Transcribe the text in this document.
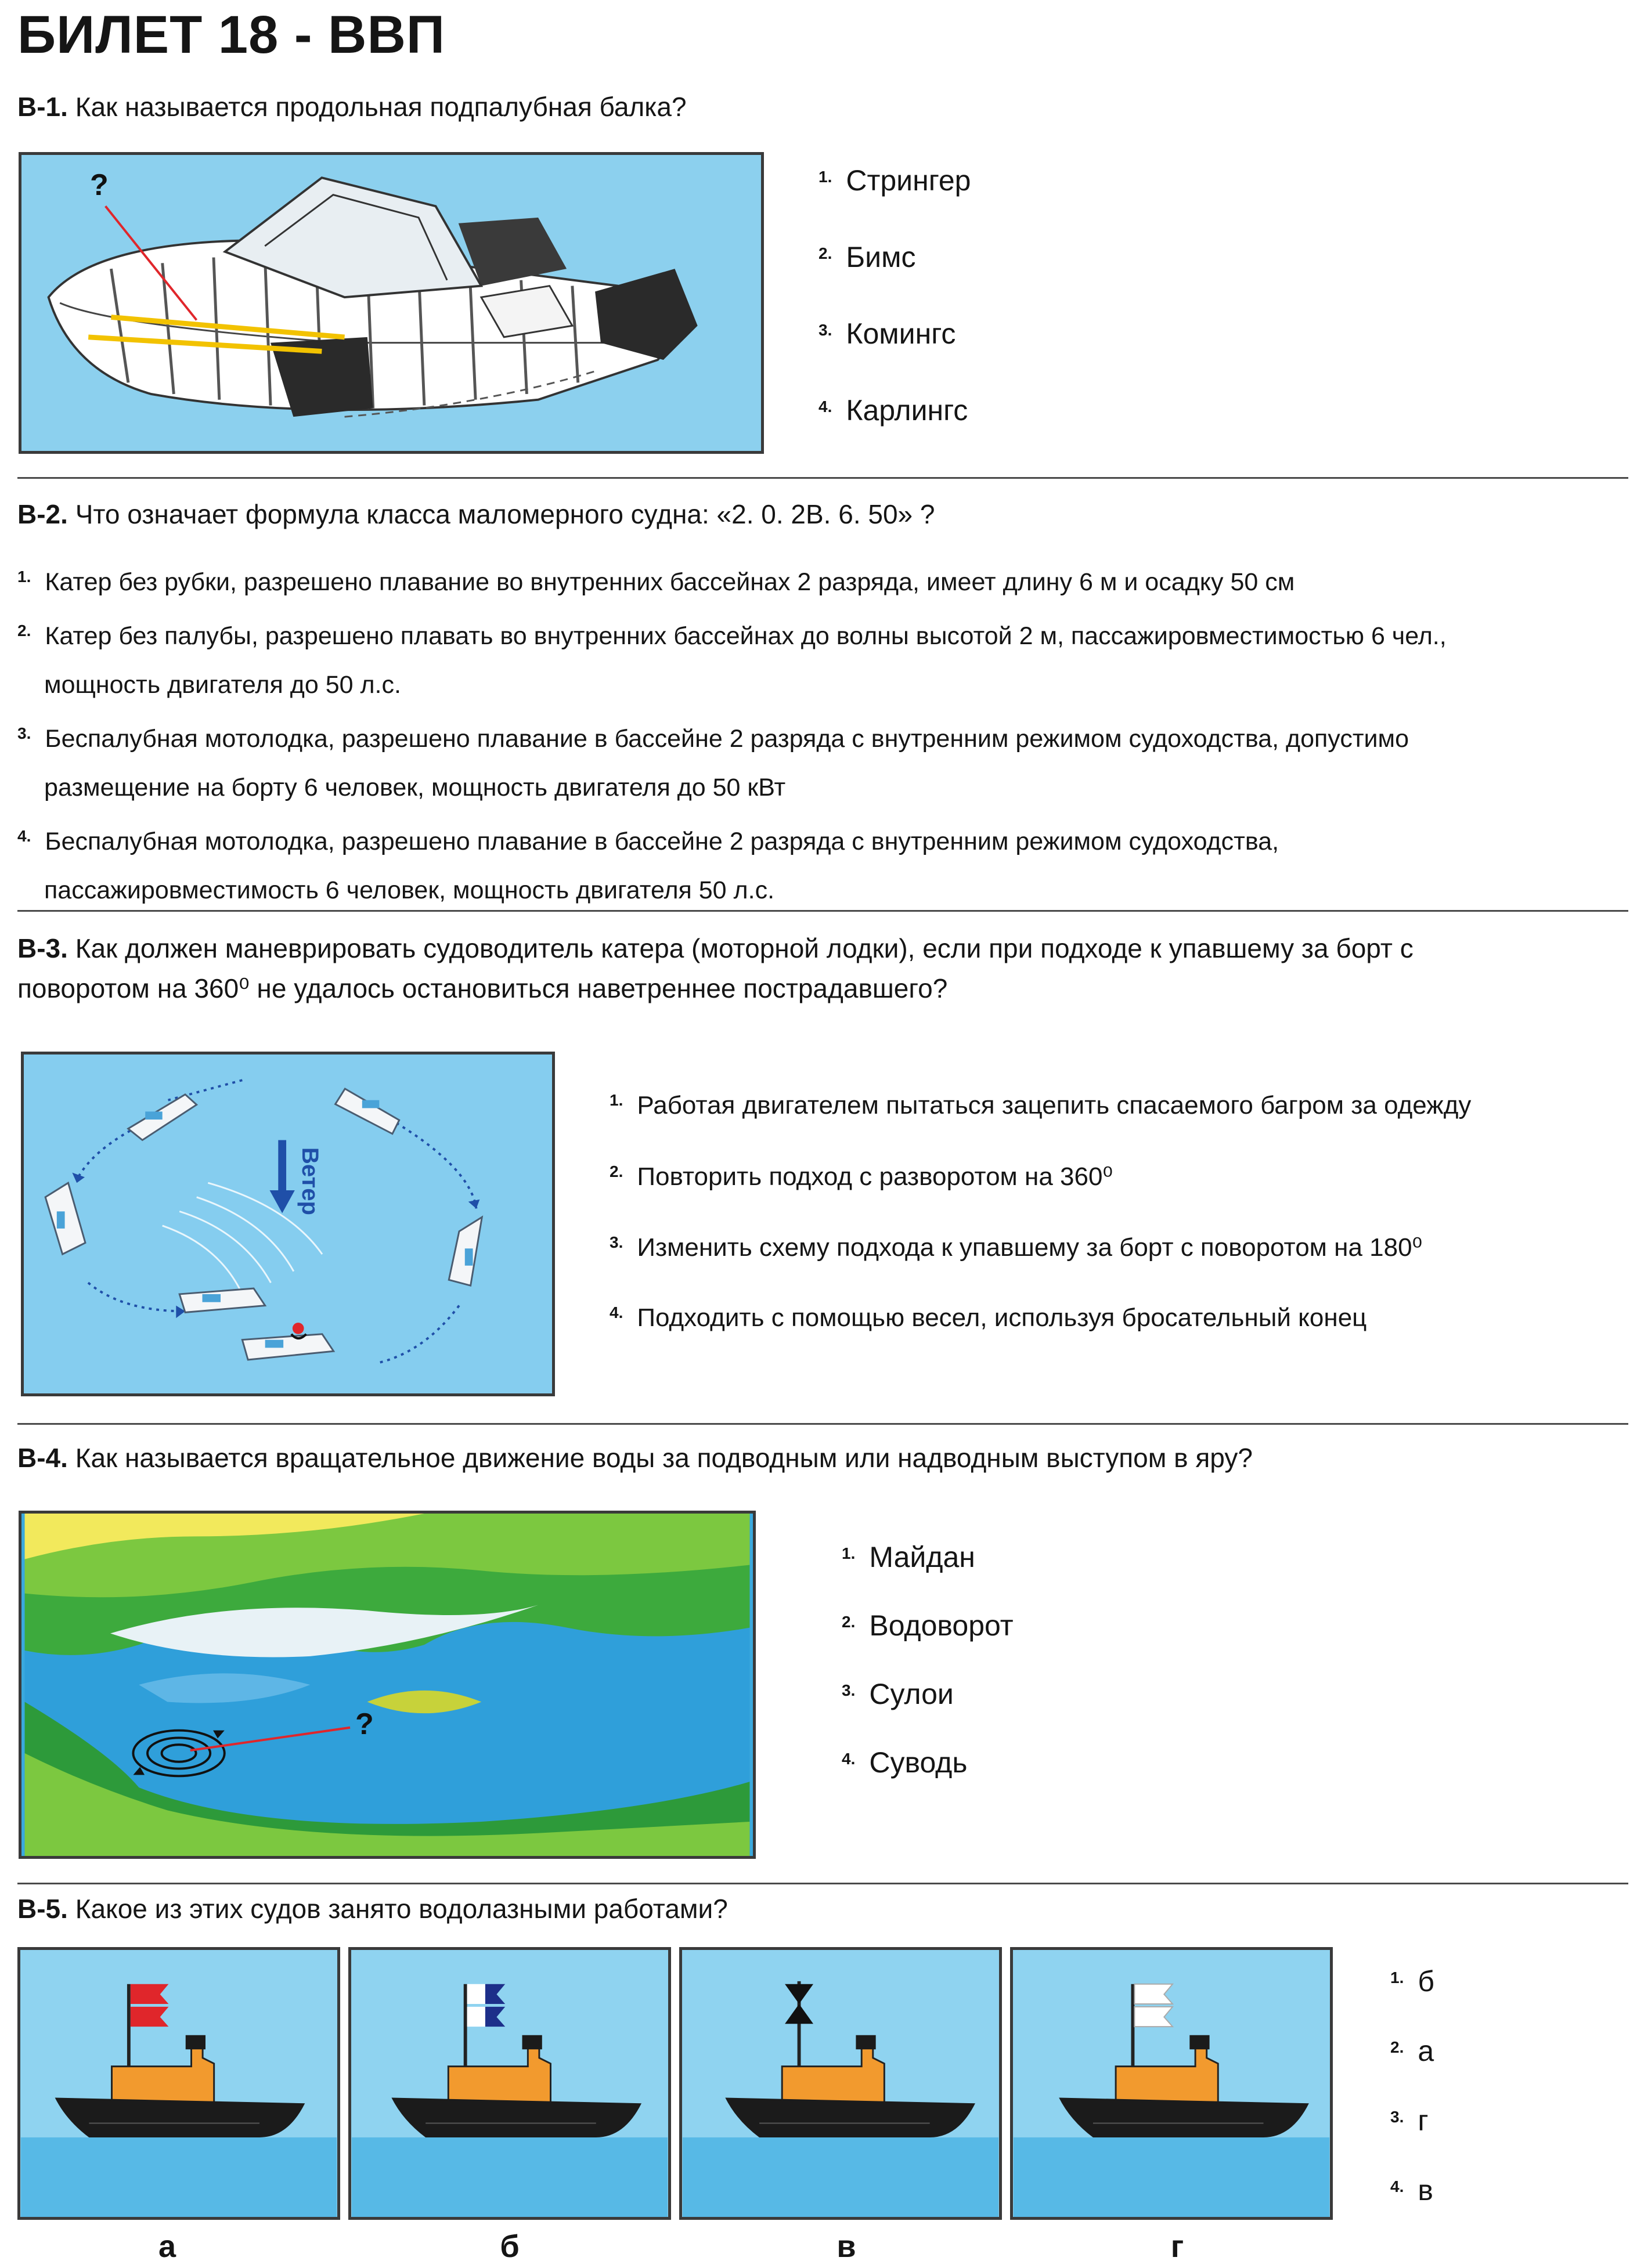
БИЛЕТ 18 - ВВП
В-1. Как называется продольная подпалубная балка?
?	$^{1.}$ Стрингер
$^{2.}$ Бимс
$^{3.}$ Комингс
$^{4.}$ Карлингс
В-2. Что означает формула класса маломерного судна: «2. 0. 2В. 6. 50» ?
$^{1.}$ Катер без рубки, разрешено плавание во внутренних бассейнах 2 разряда, имеет длину 6 м и осадку 50 см
$^{2.}$ Катер без палубы, разрешено плавать во внутренних бассейнах до волны высотой 2 м, пассажировместимостью 6 чел.,
мощность двигателя до 50 л.с.
$^{3.}$ Беспалубная мотолодка, разрешено плавание в бассейне 2 разряда с внутренним режимом судоходства, допустимо
размещение на борту 6 человек, мощность двигателя до 50 кВт
$^{4.}$ Беспалубная мотолодка, разрешено плавание в бассейне 2 разряда с внутренним режимом судоходства,
пассажировместимость 6 человек, мощность двигателя 50 л.с.
В-3. Как должен маневрировать судоводитель катера (моторной лодки), если при подходе к упавшему за борт с
поворотом на 360⁰ не удалось остановиться наветреннее пострадавшего?
Ветер
$^{1.}$ Работая двигателем пытаться зацепить спасаемого багром за одежду
$^{2.}$ Повторить подход с разворотом на 360⁰
$^{3.}$ Изменить схему подхода к упавшему за борт с поворотом на 180⁰
$^{4.}$ Подходить с помощью весел, используя бросательный конец
В-4. Как называется вращательное движение воды за подводным или надводным выступом в яру?
?
$^{1.}$ Майдан
$^{2.}$ Водоворот
$^{3.}$ Сулои
$^{4.}$ Суводь
В-5. Какое из этих судов занято водолазными работами?
а	б	в	г
$^{1.}$ б
$^{2.}$ а
$^{3.}$ г
$^{4.}$ в
